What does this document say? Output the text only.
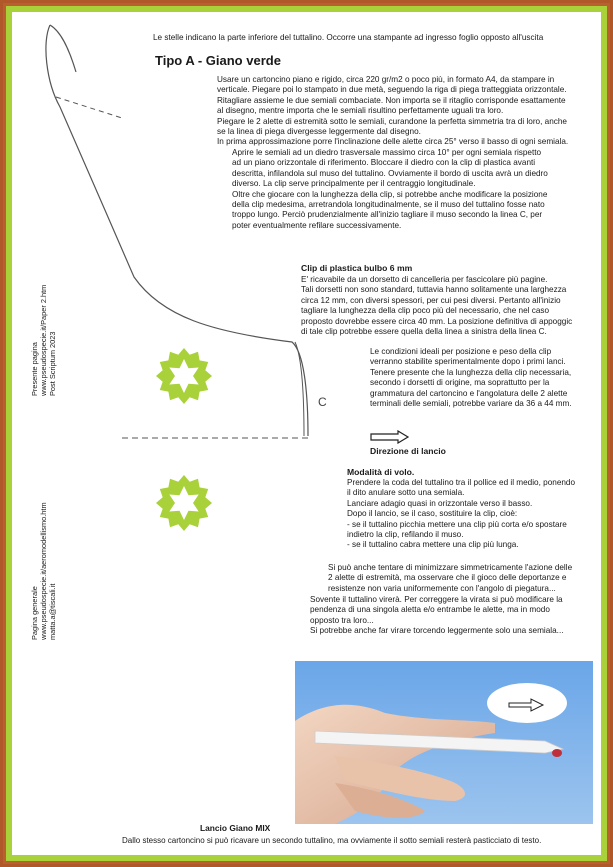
C
Le stelle indicano la parte inferiore del tuttalino. Occorre una stampante ad ingresso foglio opposto all'uscita
Tipo A - Giano verde
Usare un cartoncino piano e rigido, circa 220 gr/m2 o poco più, in formato A4, da stampare in
verticale. Piegare poi lo stampato in due metà, seguendo la riga di piega tratteggiata orizzontale.
Ritagliare assieme le due semiali combaciate. Non importa se il ritaglio corrisponde esattamente
al disegno, mentre importa che le semiali risultino perfettamente uguali tra loro.
Piegare le 2 alette di estremità sotto le semiali, curandone la perfetta simmetria tra di loro, anche
se la linea di piega divergesse leggermente dal disegno.
In prima approssimazione porre l'inclinazione delle alette circa 25° verso il basso di ogni semiala.
Aprire le semiali ad un diedro trasversale massimo circa 10° per ogni semiala rispetto
ad un piano orizzontale di riferimento. Bloccare il diedro con la clip di plastica avanti
descritta, infilandola sul muso del tuttalino. Ovviamente il bordo di uscita avrà un diedro
diverso. La clip serve principalmente per il centraggio longitudinale.
Oltre che giocare con la lunghezza della clip, si potrebbe anche modificare la posizione
della clip medesima, arretrandola longitudinalmente, se il muso del tuttalino fosse nato
troppo lungo. Perciò prudenzialmente all'inizio tagliare il muso secondo la linea C, per
poter eventualmente refilare successivamente.
Clip di plastica bulbo 6 mm
E' ricavabile da un dorsetto di cancelleria per fascicolare più pagine.
Tali dorsetti non sono standard, tuttavia hanno solitamente una larghezza
circa 12 mm, con diversi spessori, per cui pesi diversi. Pertanto all'inizio
tagliare la lunghezza della clip poco più del necessario, che nel caso
proposto dovrebbe essere circa 40 mm. La posizione definitiva di appoggic
di tale clip potrebbe essere quella della linea a sinistra della linea C.
Le condizioni ideali per posizione e peso della clip
verranno stabilite sperimentalmente dopo i primi lanci.
Tenere presente che la lunghezza della clip necessaria,
secondo i dorsetti di origine, ma soprattutto per la
grammatura del cartoncino e l'angolatura delle 2 alette
terminali delle semiali, potrebbe variare da 36 a 44 mm.
Direzione di lancio
Modalità di volo.
Prendere la coda del tuttalino tra il pollice ed il medio, ponendo
il dito anulare sotto una semiala.
Lanciare adagio quasi in orizzontale verso il basso.
Dopo il lancio, se il caso, sostituire la clip, cioè:
- se il tuttalino picchia mettere una clip più corta e/o spostare
indietro la clip, refilando il muso.
- se il tuttalino cabra mettere una clip più lunga.
Si può anche tentare di minimizzare simmetricamente l'azione delle
2 alette di estremità, ma osservare che il gioco delle deportanze e
resistenze non varia uniformemente con l'angolo di piegatura...
Sovente il tuttalino virerà. Per correggere la virata si può modificare la
pendenza di una singola aletta e/o entrambe le alette, ma in modo
opposto tra loro...
Si potrebbe anche far virare torcendo leggermente solo una semiala...
Presente pagina www.pseudospecie.it/Paper 2.htm Post Scriptum 2023
Pagina generale www.pseudospecie.it/aeromodellismo.htm matta.a@tiscali.it
Lancio Giano MIX
Dallo stesso cartoncino si può ricavare un secondo tuttalino, ma ovviamente il sotto semiali resterà pasticciato di testo.
